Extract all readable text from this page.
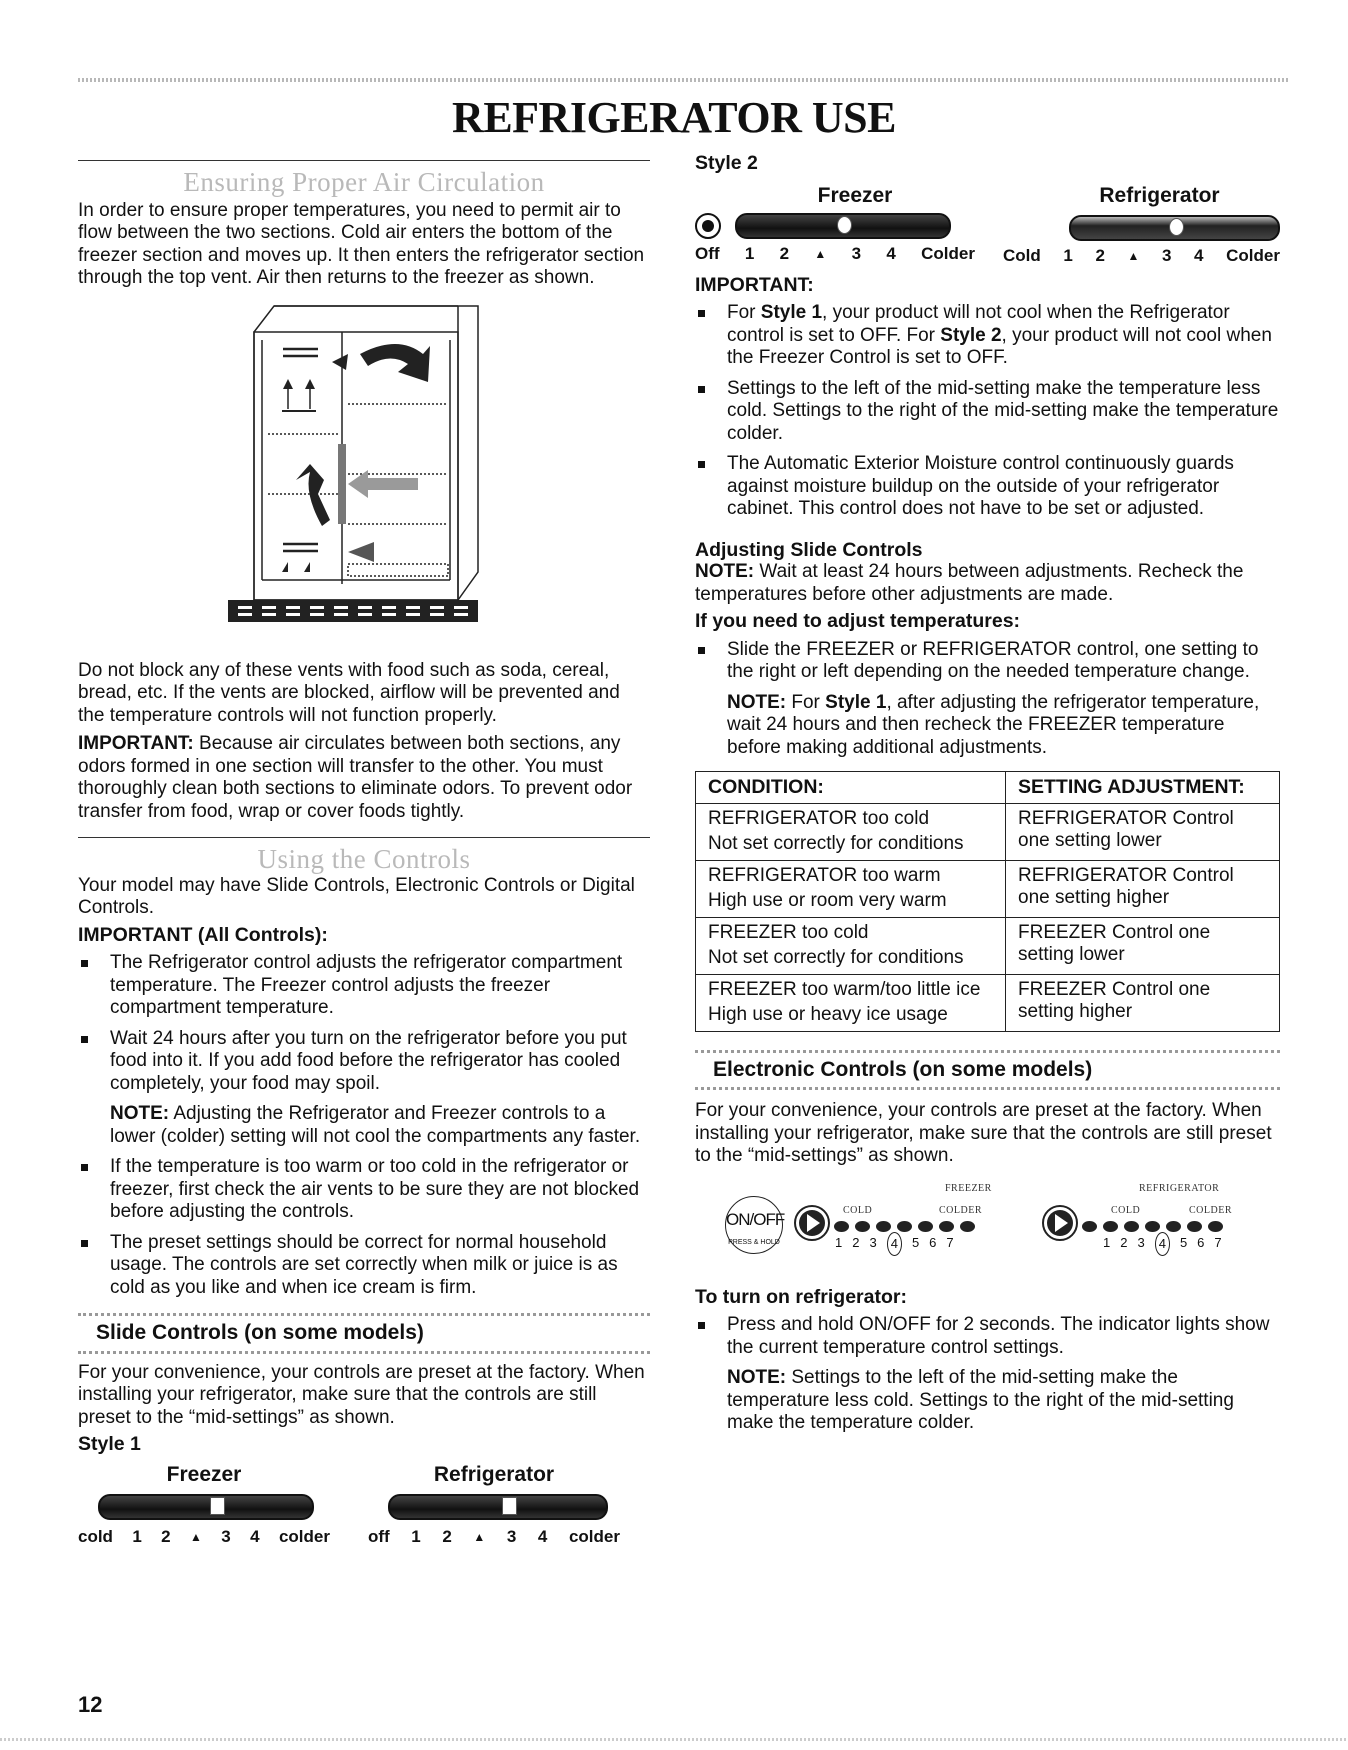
REFRIGERATOR USE
Ensuring Proper Air Circulation

In order to ensure proper temperatures, you need to permit air to flow between the two sections. Cold air enters the bottom of the freezer section and moves up. It then enters the refrigerator section through the top vent. Air then returns to the freezer as shown.

Do not block any of these vents with food such as soda, cereal, bread, etc. If the vents are blocked, airflow will be prevented and the temperature controls will not function properly.

IMPORTANT: Because air circulates between both sections, any odors formed in one section will transfer to the other. You must thoroughly clean both sections to eliminate odors. To prevent odor transfer from food, wrap or cover foods tightly.

Using the Controls

Your model may have Slide Controls, Electronic Controls or Digital Controls.

IMPORTANT (All Controls):

The Refrigerator control adjusts the refrigerator compartment temperature. The Freezer control adjusts the freezer compartment temperature.
Wait 24 hours after you turn on the refrigerator before you put food into it. If you add food before the refrigerator has cooled completely, your food may spoil.

NOTE: Adjusting the Refrigerator and Freezer controls to a lower (colder) setting will not cool the compartments any faster.

If the temperature is too warm or too cold in the refrigerator or freezer, first check the air vents to be sure they are not blocked before adjusting the controls.
The preset settings should be correct for normal household usage. The controls are set correctly when milk or juice is as cold as you like and when ice cream is firm.
Slide Controls (on some models)

For your convenience, your controls are preset at the factory. When installing your refrigerator, make sure that the controls are still preset to the “mid-settings” as shown.

Style 1

Freezer
cold 1 2 ▲ 3 4 colder
Refrigerator
off 1 2 ▲ 3 4 colder

Style 2

Freezer
Off 1 2 ▲ 3 4 Colder
Refrigerator
Cold 1 2 ▲ 3 4 Colder

IMPORTANT:

For Style 1, your product will not cool when the Refrigerator control is set to OFF. For Style 2, your product will not cool when the Freezer Control is set to OFF.
Settings to the left of the mid-setting make the temperature less cold. Settings to the right of the mid-setting make the temperature colder.
The Automatic Exterior Moisture control continuously guards against moisture buildup on the outside of your refrigerator cabinet. This control does not have to be set or adjusted.

Adjusting Slide Controls

NOTE: Wait at least 24 hours between adjustments. Recheck the temperatures before other adjustments are made.

If you need to adjust temperatures:

Slide the FREEZER or REFRIGERATOR control, one setting to the right or left depending on the needed temperature change.

NOTE: For Style 1, after adjusting the refrigerator temperature, wait 24 hours and then recheck the FREEZER temperature before making additional adjustments.

CONDITION:	SETTING ADJUSTMENT:

REFRIGERATOR too cold
Not set correctly for conditions	REFRIGERATOR Control one setting lower

REFRIGERATOR too warm
High use or room very warm	REFRIGERATOR Control one setting higher

FREEZER too cold
Not set correctly for conditions	FREEZER Control one setting lower

FREEZER too warm/too little ice
High use or heavy ice usage	FREEZER Control one setting higher
Electronic Controls (on some models)

For your convenience, your controls are preset at the factory. When installing your refrigerator, make sure that the controls are still preset to the “mid-settings” as shown.

FREEZER	REFRIGERATOR
ON/OFF
PRESS & HOLD
COLD	COLDER
1 2 3	4	5 6 7
COLD	COLDER
1 2 3	4	5 6 7

To turn on refrigerator:

Press and hold ON/OFF for 2 seconds. The indicator lights show the current temperature control settings.

NOTE: Settings to the left of the mid-setting make the temperature less cold. Settings to the right of the mid-setting make the temperature colder.

12
